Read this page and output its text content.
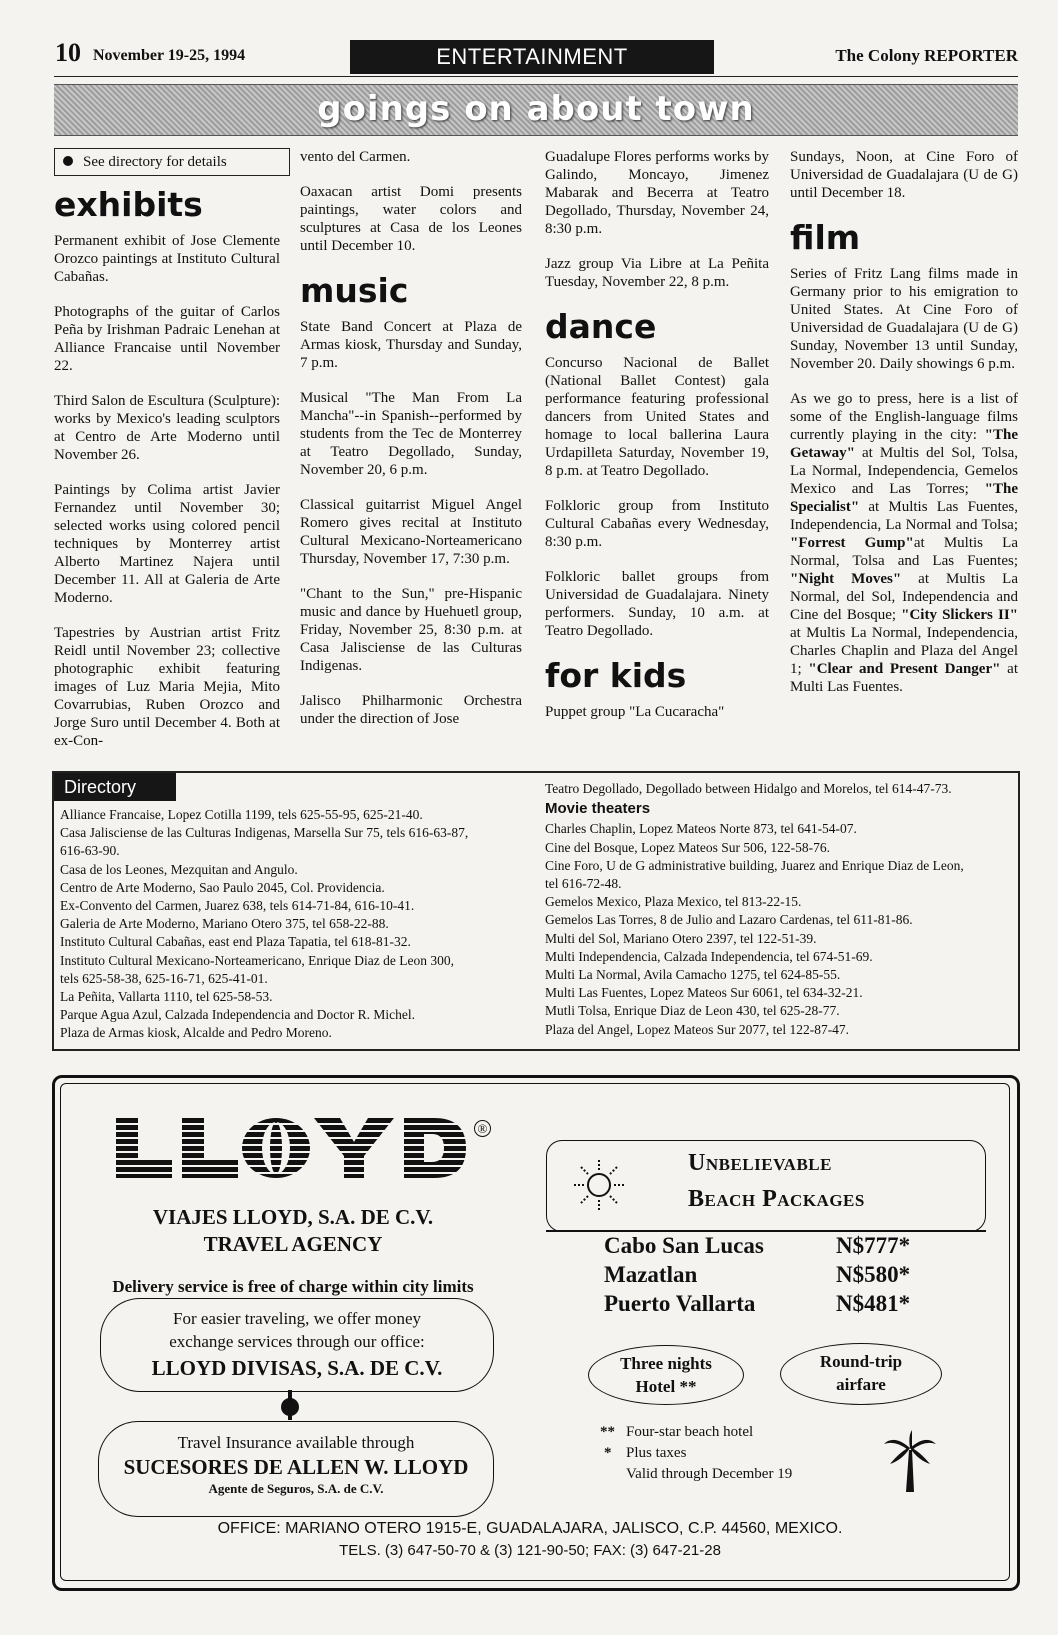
10 November 19-25, 1994	ENTERTAINMENT	The Colony REPORTER
goings on about town
See directory for details
exhibits

Permanent exhibit of Jose Clemente Orozco paintings at Instituto Cultural Cabañas.

Photographs of the guitar of Carlos Peña by Irishman Padraic Lenehan at Alliance Francaise until November 22.

Third Salon de Escultura (Sculpture): works by Mexico's leading sculptors at Centro de Arte Moderno until November 26.

Paintings by Colima artist Javier Fernandez until November 30; selected works using colored pencil techniques by Monterrey artist Alberto Martinez Najera until December 11. All at Galeria de Arte Moderno.

Tapestries by Austrian artist Fritz Reidl until November 23; collective photographic exhibit featuring images of Luz Maria Mejia, Mito Covarrubias, Ruben Orozco and Jorge Suro until December 4. Both at ex-Con-

vento del Carmen.

Oaxacan artist Domi presents paintings, water colors and sculptures at Casa de los Leones until December 10.

music

State Band Concert at Plaza de Armas kiosk, Thursday and Sunday, 7 p.m.

Musical "The Man From La Mancha"--in Spanish--performed by students from the Tec de Monterrey at Teatro Degollado, Sunday, November 20, 6 p.m.

Classical guitarrist Miguel Angel Romero gives recital at Instituto Cultural Mexicano-Norteamericano Thursday, November 17, 7:30 p.m.

"Chant to the Sun," pre-Hispanic music and dance by Huehuetl group, Friday, November 25, 8:30 p.m. at Casa Jalisciense de las Culturas Indigenas.

Jalisco Philharmonic Orchestra under the direction of Jose

Guadalupe Flores performs works by Galindo, Moncayo, Jimenez Mabarak and Becerra at Teatro Degollado, Thursday, November 24, 8:30 p.m.

Jazz group Via Libre at La Peñita Tuesday, November 22, 8 p.m.

dance

Concurso Nacional de Ballet (National Ballet Contest) gala performance featuring professional dancers from United States and homage to local ballerina Laura Urdapilleta Saturday, November 19, 8 p.m. at Teatro Degollado.

Folkloric group from Instituto Cultural Cabañas every Wednesday, 8:30 p.m.

Folkloric ballet groups from Universidad de Guadalajara. Ninety performers. Sunday, 10 a.m. at Teatro Degollado.

for kids

Puppet group "La Cucaracha"

Sundays, Noon, at Cine Foro of Universidad de Guadalajara (U de G) until December 18.

film

Series of Fritz Lang films made in Germany prior to his emigration to United States. At Cine Foro of Universidad de Guadalajara (U de G) Sunday, November 13 until Sunday, November 20. Daily showings 6 p.m.

As we go to press, here is a list of some of the English-language films currently playing in the city: "The Getaway" at Multis del Sol, Tolsa, La Normal, Independencia, Gemelos Mexico and Las Torres; "The Specialist" at Multis Las Fuentes, Independencia, La Normal and Tolsa; "Forrest Gump"at Multis La Normal, Tolsa and Las Fuentes; "Night Moves" at Multis La Normal, del Sol, Independencia and Cine del Bosque; "City Slickers II" at Multis La Normal, Independencia, Charles Chaplin and Plaza del Angel 1; "Clear and Present Danger" at Multi Las Fuentes.

Directory
Alliance Francaise, Lopez Cotilla 1199, tels 625-55-95, 625-21-40.
Casa Jalisciense de las Culturas Indigenas, Marsella Sur 75, tels 616-63-87,
616-63-90.
Casa de los Leones, Mezquitan and Angulo.
Centro de Arte Moderno, Sao Paulo 2045, Col. Providencia.
Ex-Convento del Carmen, Juarez 638, tels 614-71-84, 616-10-41.
Galeria de Arte Moderno, Mariano Otero 375, tel 658-22-88.
Instituto Cultural Cabañas, east end Plaza Tapatia, tel 618-81-32.
Instituto Cultural Mexicano-Norteamericano, Enrique Diaz de Leon 300,
tels 625-58-38, 625-16-71, 625-41-01.
La Peñita, Vallarta 1110, tel 625-58-53.
Parque Agua Azul, Calzada Independencia and Doctor R. Michel.
Plaza de Armas kiosk, Alcalde and Pedro Moreno.
Teatro Degollado, Degollado between Hidalgo and Morelos, tel 614-47-73.
Movie theaters
Charles Chaplin, Lopez Mateos Norte 873, tel 641-54-07.
Cine del Bosque, Lopez Mateos Sur 506, 122-58-76.
Cine Foro, U de G administrative building, Juarez and Enrique Diaz de Leon,
tel 616-72-48.
Gemelos Mexico, Plaza Mexico, tel 813-22-15.
Gemelos Las Torres, 8 de Julio and Lazaro Cardenas, tel 611-81-86.
Multi del Sol, Mariano Otero 2397, tel 122-51-39.
Multi Independencia, Calzada Independencia, tel 674-51-69.
Multi La Normal, Avila Camacho 1275, tel 624-85-55.
Multi Las Fuentes, Lopez Mateos Sur 6061, tel 634-32-21.
Mutli Tolsa, Enrique Diaz de Leon 430, tel 625-28-77.
Plaza del Angel, Lopez Mateos Sur 2077, tel 122-87-47.
®
VIAJES LLOYD, S.A. DE C.V.
TRAVEL AGENCY
Delivery service is free of charge within city limits
For easier traveling, we offer money
exchange services through our office:
LLOYD DIVISAS, S.A. DE C.V.
Travel Insurance available through
SUCESORES DE ALLEN W. LLOYD
Agente de Seguros, S.A. de C.V.
Unbelievable
Beach Packages
Cabo San Lucas	N$777*
Mazatlan	N$580*
Puerto Vallarta	N$481*
Three nights
Hotel **
Round-trip
airfare
** Four-star beach hotel
* Plus taxes
Valid through December 19
OFFICE: MARIANO OTERO 1915-E, GUADALAJARA, JALISCO, C.P. 44560, MEXICO.
TELS. (3) 647-50-70 & (3) 121-90-50; FAX: (3) 647-21-28
